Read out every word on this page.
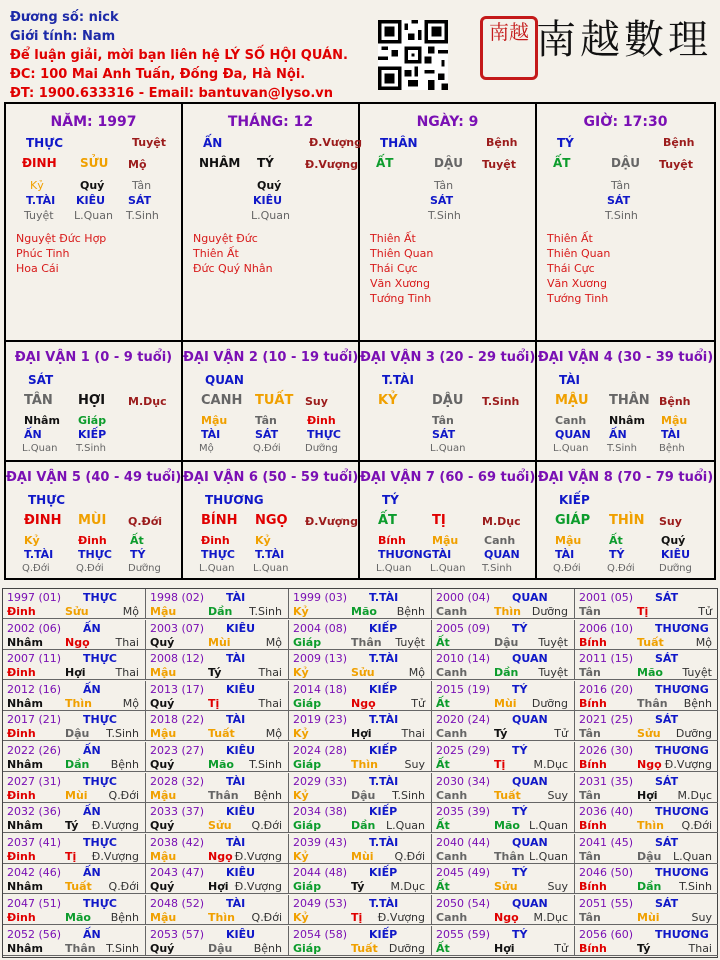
Đương số: nick
Giới tính: Nam
Để luận giải, mời bạn liên hệ LÝ SỐ HỘI QUÁN.
ĐC: 100 Mai Anh Tuấn, Đống Đa, Hà Nội.
ĐT: 1900.633316 - Email: bantuvan@lyso.vn
南越 南越數理
NĂM: 1997
THỰC	Tuyệt
ĐINH SỬU Mộ
Kỷ
T.TÀI
Tuyệt
Quý
KIÊU
L.Quan
Tân
SÁT
T.Sinh
Nguyệt Đức Hợp
Phúc Tinh
Hoa Cái
THÁNG: 12
ẤN	Đ.Vượng
NHÂM TÝ	Đ.Vượng
Quý
KIÊU
L.Quan
Nguyệt Đức
Thiên Ất
Đức Quý Nhân
NGÀY: 9
THÂN	Bệnh
ẤT	DẬU Tuyệt
Tân
SÁT
T.Sinh
Thiên Ất
Thiên Quan
Thái Cực
Văn Xương
Tướng Tinh
GIỜ: 17:30
TÝ	Bệnh
ẤT	DẬU Tuyệt
Tân
SÁT
T.Sinh
Thiên Ất
Thiên Quan
Thái Cực
Văn Xương
Tướng Tinh
ĐẠI VẬN 1 (0 - 9 tuổi)
SÁT
TÂN HỢI M.Dục
Nhâm
ẤN
L.Quan
Giáp
KIẾP
T.Sinh
ĐẠI VẬN 2 (10 - 19 tuổi)
QUAN
CANH TUẤT Suy
Mậu
TÀI
Mộ
Tân
SÁT
Q.Đới
Đinh
THỰC
Dưỡng
ĐẠI VẬN 3 (20 - 29 tuổi)
T.TÀI
KỶ	DẬU T.Sinh
Tân
SÁT
L.Quan
ĐẠI VẬN 4 (30 - 39 tuổi)
TÀI
MẬU THÂN Bệnh
Canh
QUAN
L.Quan
Nhâm
ẤN
T.Sinh
Mậu
TÀI
Bệnh
ĐẠI VẬN 5 (40 - 49 tuổi)
THỰC
ĐINH MÙI Q.Đới
Kỷ
T.TÀI
Q.Đới
Đinh
THỰC
Q.Đới
Ất
TÝ
Dưỡng
ĐẠI VẬN 6 (50 - 59 tuổi)
THƯƠNG
BÍNH NGỌ Đ.Vượng
Đinh
THỰC
L.Quan
Kỷ
T.TÀI
L.Quan
ĐẠI VẬN 7 (60 - 69 tuổi)
TÝ
ẤT	TỊ	M.Dục
Bính
THƯƠNG
L.Quan
Mậu
TÀI
L.Quan
Canh
QUAN
T.Sinh
ĐẠI VẬN 8 (70 - 79 tuổi)
KIẾP
GIÁP THÌN Suy
Mậu
TÀI
Q.Đới
Ất
TÝ
Q.Đới
Quý
KIÊU
Dưỡng
1997 (01) THỰC
Đinh	Sửu	Mộ
1998 (02) TÀI
Mậu	Dần T.Sinh
1999 (03) T.TÀI
Kỷ	Mão Bệnh
2000 (04) QUAN
Canh Thìn Dưỡng
2001 (05) SÁT
Tân	Tị	Tử
2002 (06) ẤN
Nhâm Ngọ Thai
2003 (07) KIÊU
Quý	Mùi	Mộ
2004 (08) KIẾP
Giáp	Thân Tuyệt
2005 (09) TÝ
Ất	Dậu Tuyệt
2006 (10) THƯƠNG
Bính	Tuất	Mộ
2007 (11) THỰC
Đinh	Hợi	Thai
2008 (12) TÀI
Mậu	Tý	Thai
2009 (13) T.TÀI
Kỷ	Sửu	Mộ
2010 (14) QUAN
Canh Dần Tuyệt
2011 (15) SÁT
Tân	Mão Tuyệt
2012 (16) ẤN
Nhâm Thìn	Mộ
2013 (17) KIÊU
Quý	Tị	Thai
2014 (18) KIẾP
Giáp	Ngọ	Tử
2015 (19) TÝ
Ất	Mùi Dưỡng
2016 (20) THƯƠNG
Bính	Thân Bệnh
2017 (21) THỰC
Đinh	Dậu T.Sinh
2018 (22) TÀI
Mậu	Tuất	Mộ
2019 (23) T.TÀI
Kỷ	Hợi	Thai
2020 (24) QUAN
Canh Tý	Tử
2021 (25) SÁT
Tân	Sửu Dưỡng
2022 (26) ẤN
Nhâm Dần Bệnh
2023 (27) KIÊU
Quý	Mão T.Sinh
2024 (28) KIẾP
Giáp	Thìn Suy
2025 (29) TÝ
Ất	Tị	M.Dục
2026 (30) THƯƠNG
Bính	Ngọ Đ.Vượng
2027 (31) THỰC
Đinh	Mùi Q.Đới
2028 (32) TÀI
Mậu	Thân Bệnh
2029 (33) T.TÀI
Kỷ	Dậu T.Sinh
2030 (34) QUAN
Canh Tuất Suy
2031 (35) SÁT
Tân	Hợi M.Dục
2032 (36) ẤN
Nhâm Tý Đ.Vượng
2033 (37) KIÊU
Quý	Sửu Q.Đới
2034 (38) KIẾP
Giáp	Dần L.Quan
2035 (39) TÝ
Ất	Mão L.Quan
2036 (40) THƯƠNG
Bính	Thìn Q.Đới
2037 (41) THỰC
Đinh	Tị Đ.Vượng
2038 (42) TÀI
Mậu	Ngọ Đ.Vượng
2039 (43) T.TÀI
Kỷ	Mùi Q.Đới
2040 (44) QUAN
Canh Thân L.Quan
2041 (45) SÁT
Tân	Dậu L.Quan
2042 (46) ẤN
Nhâm Tuất Q.Đới
2043 (47) KIÊU
Quý	Hợi Đ.Vượng
2044 (48) KIẾP
Giáp	Tý M.Dục
2045 (49) TÝ
Ất	Sửu	Suy
2046 (50) THƯƠNG
Bính	Dần T.Sinh
2047 (51) THỰC
Đinh	Mão Bệnh
2048 (52) TÀI
Mậu	Thìn Q.Đới
2049 (53) T.TÀI
Kỷ	Tị Đ.Vượng
2050 (54) QUAN
Canh Ngọ M.Dục
2051 (55) SÁT
Tân	Mùi	Suy
2052 (56) ẤN
Nhâm Thân T.Sinh
2053 (57) KIÊU
Quý	Dậu Bệnh
2054 (58) KIẾP
Giáp	Tuất Dưỡng
2055 (59) TÝ
Ất	Hợi	Tử
2056 (60) THƯƠNG
Bính	Tý	Thai
